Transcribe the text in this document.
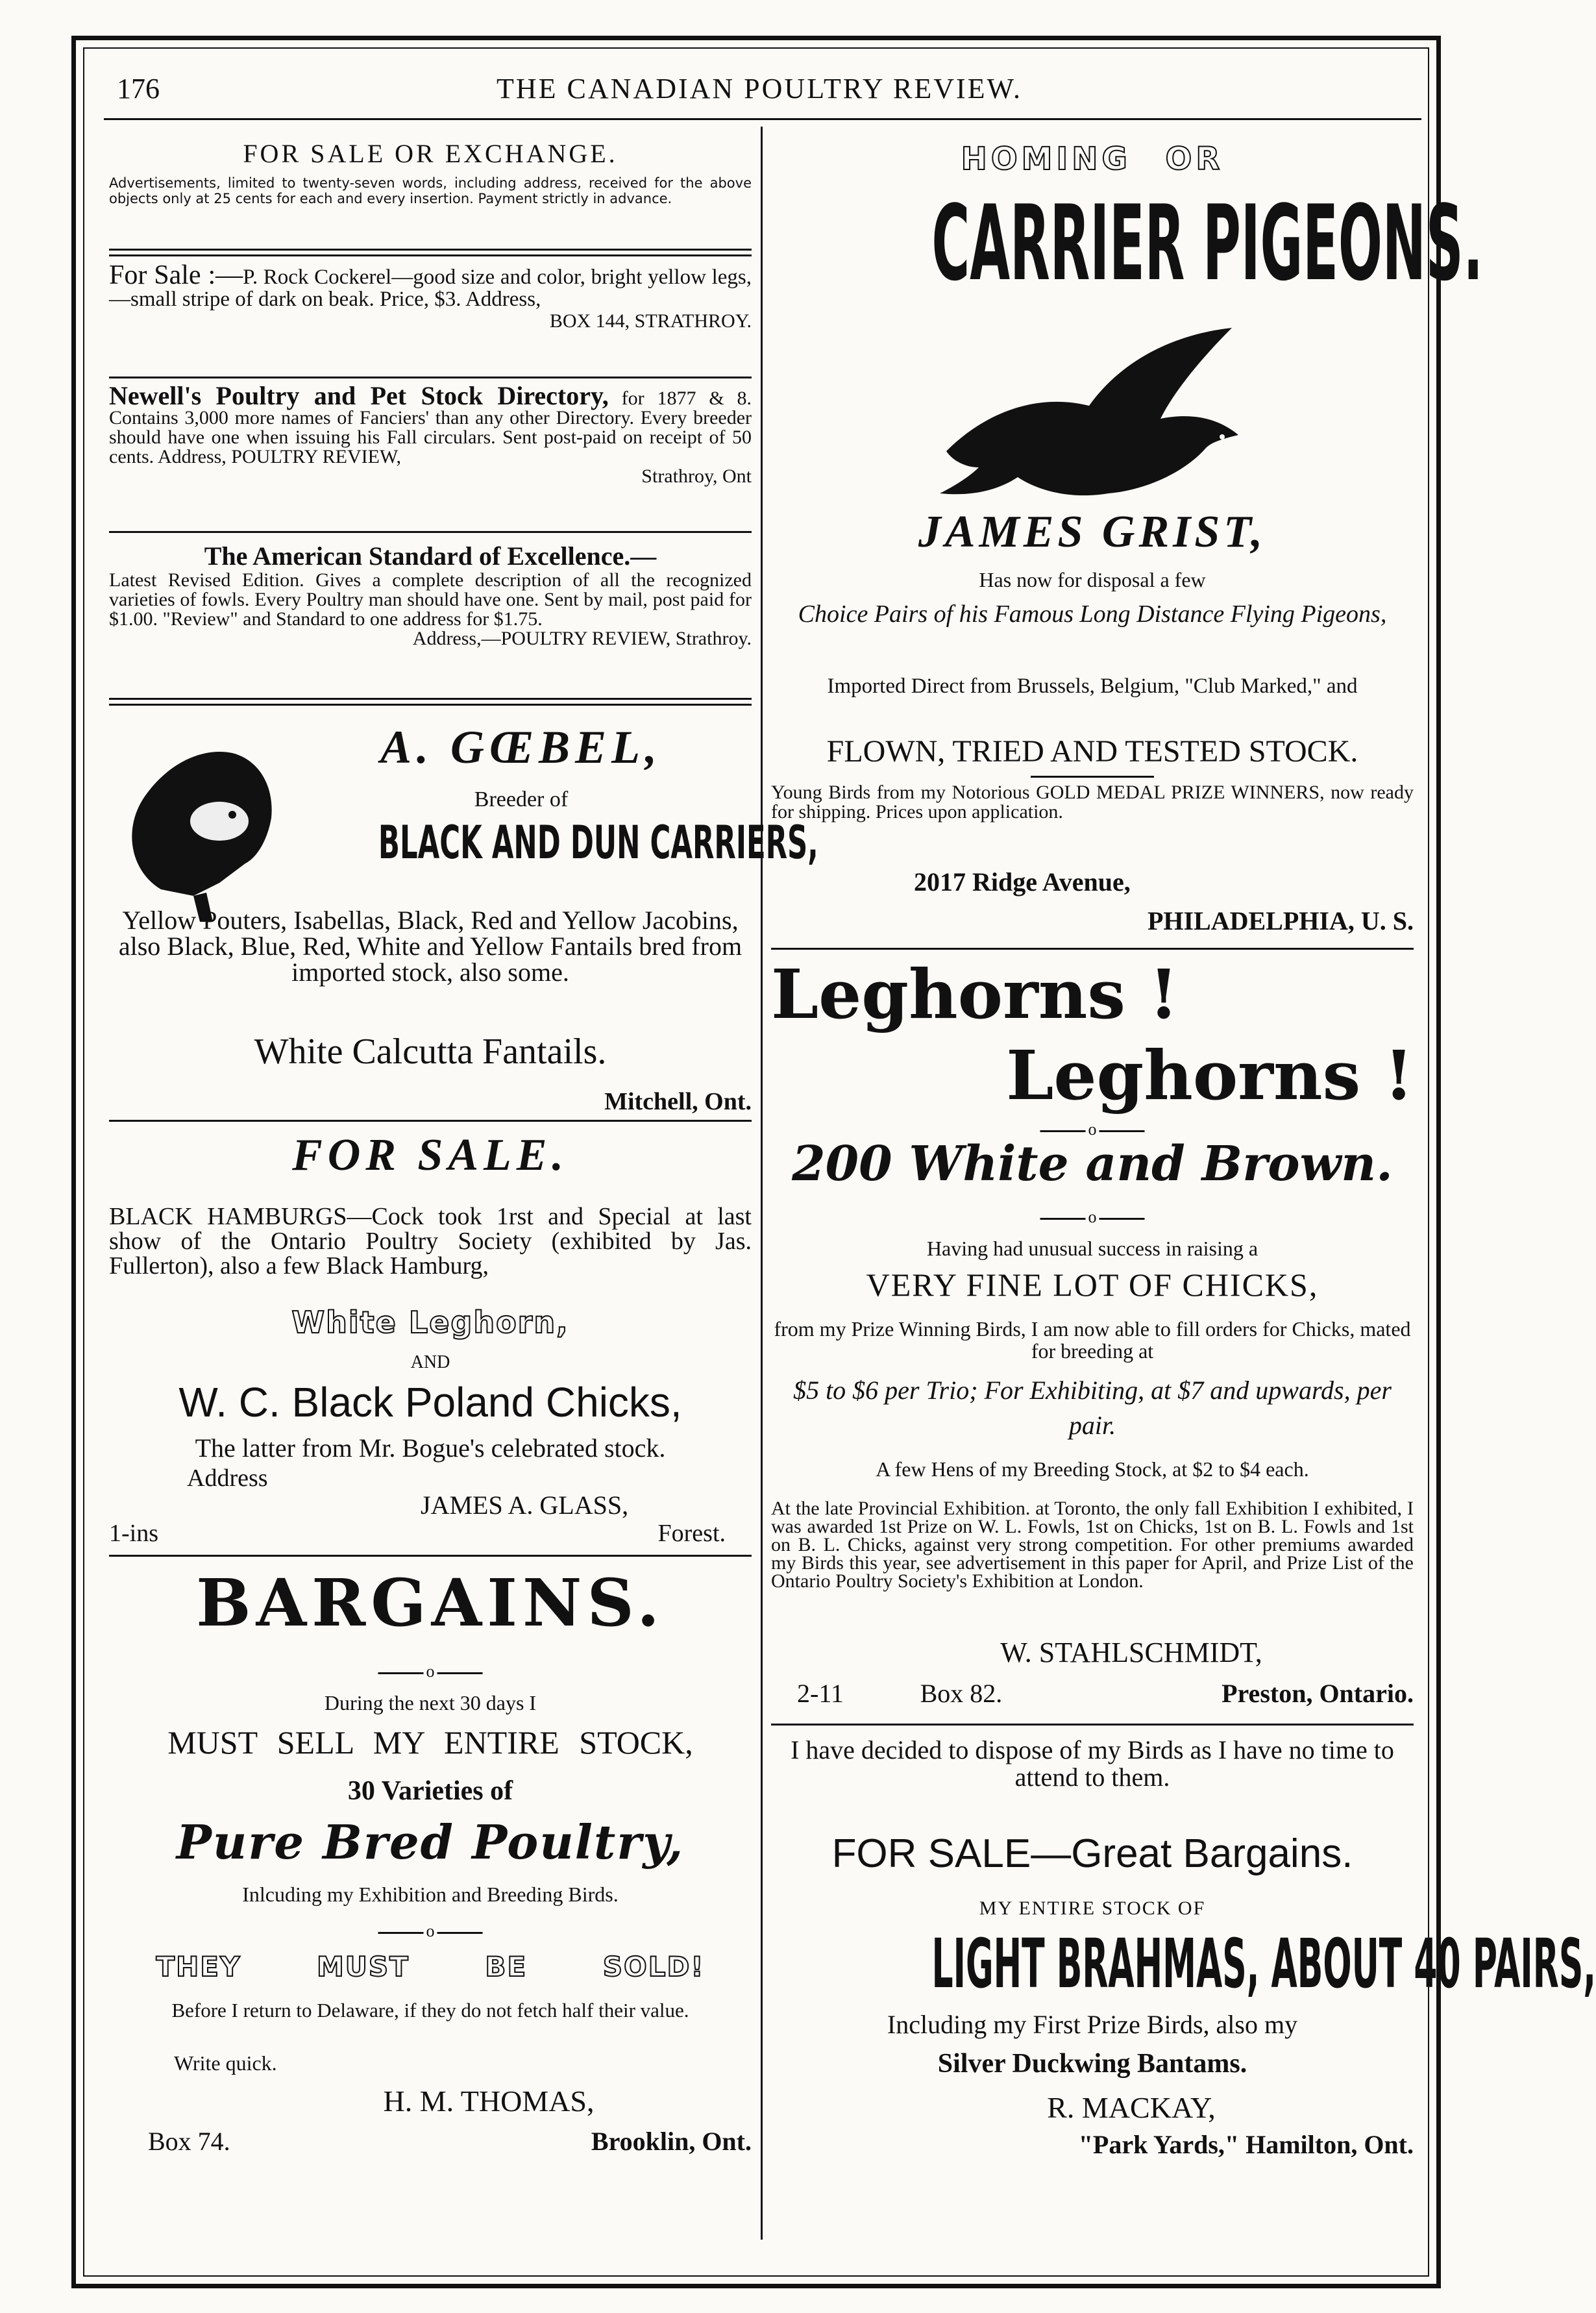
176	THE CANADIAN POULTRY REVIEW.
FOR SALE OR EXCHANGE.
Advertisements, limited to twenty-seven words, including address, received for the above objects only at 25 cents for each and every insertion. Payment strictly in advance.
For Sale :—P. Rock Cockerel—good size and color, bright yellow legs,—small stripe of dark on beak. Price, $3. Address,
BOX 144, STRATHROY.
Newell's Poultry and Pet Stock Directory, for 1877 & 8. Contains 3,000 more names of Fanciers' than any other Directory. Every breeder should have one when issuing his Fall circulars. Sent post-paid on receipt of 50 cents. Address, POULTRY REVIEW,
Strathroy, Ont
The American Standard of Excellence.—
Latest Revised Edition. Gives a complete description of all the recognized varieties of fowls. Every Poultry man should have one. Sent by mail, post paid for $1.00. "Review" and Standard to one address for $1.75.
Address,—POULTRY REVIEW, Strathroy.
A. GŒBEL,
Breeder of
BLACK AND DUN CARRIERS,
Yellow Pouters, Isabellas, Black, Red and Yellow Jacobins, also Black, Blue, Red, White and Yellow Fantails bred from imported stock, also some.
White Calcutta Fantails.
Mitchell, Ont.
FOR SALE.
BLACK HAMBURGS—Cock took 1rst and Special at last show of the Ontario Poultry Society (exhibited by Jas. Fullerton), also a few Black Hamburg,
White Leghorn,
AND
W. C. Black Poland Chicks,
The latter from Mr. Bogue's celebrated stock.
Address
JAMES A. GLASS,
1-ins	Forest.
BARGAINS.
o
During the next 30 days I
MUST SELL MY ENTIRE STOCK,
30 Varieties of
Pure Bred Poultry,
Inlcuding my Exhibition and Breeding Birds.
o
THEY MUST BE SOLD!
Before I return to Delaware, if they do not fetch half their value.
Write quick.
H. M. THOMAS,
Box 74.	Brooklin, Ont.
HOMING OR
CARRIER PIGEONS.
JAMES GRIST,
Has now for disposal a few
Choice Pairs of his Famous Long Distance Flying Pigeons,
Imported Direct from Brussels, Belgium, "Club Marked," and
FLOWN, TRIED AND TESTED STOCK.
Young Birds from my Notorious GOLD MEDAL PRIZE WINNERS, now ready for shipping. Prices upon application.
2017 Ridge Avenue,
PHILADELPHIA, U. S.
Leghorns !
Leghorns !
o
200 White and Brown.
o
Having had unusual success in raising a
VERY FINE LOT OF CHICKS,
from my Prize Winning Birds, I am now able to fill orders for Chicks, mated for breeding at
$5 to $6 per Trio; For Exhibiting, at $7 and upwards, per pair.
A few Hens of my Breeding Stock, at $2 to $4 each.
At the late Provincial Exhibition. at Toronto, the only fall Exhibition I exhibited, I was awarded 1st Prize on W. L. Fowls, 1st on Chicks, 1st on B. L. Fowls and 1st on B. L. Chicks, against very strong competition. For other premiums awarded my Birds this year, see advertisement in this paper for April, and Prize List of the Ontario Poultry Society's Exhibition at London.
W. STAHLSCHMIDT,
2-11	Box 82.	Preston, Ontario.
I have decided to dispose of my Birds as I have no time to attend to them.
FOR SALE—Great Bargains.
MY ENTIRE STOCK OF
LIGHT BRAHMAS, ABOUT 40 PAIRS,
Including my First Prize Birds, also my
Silver Duckwing Bantams.
R. MACKAY,
"Park Yards," Hamilton, Ont.
